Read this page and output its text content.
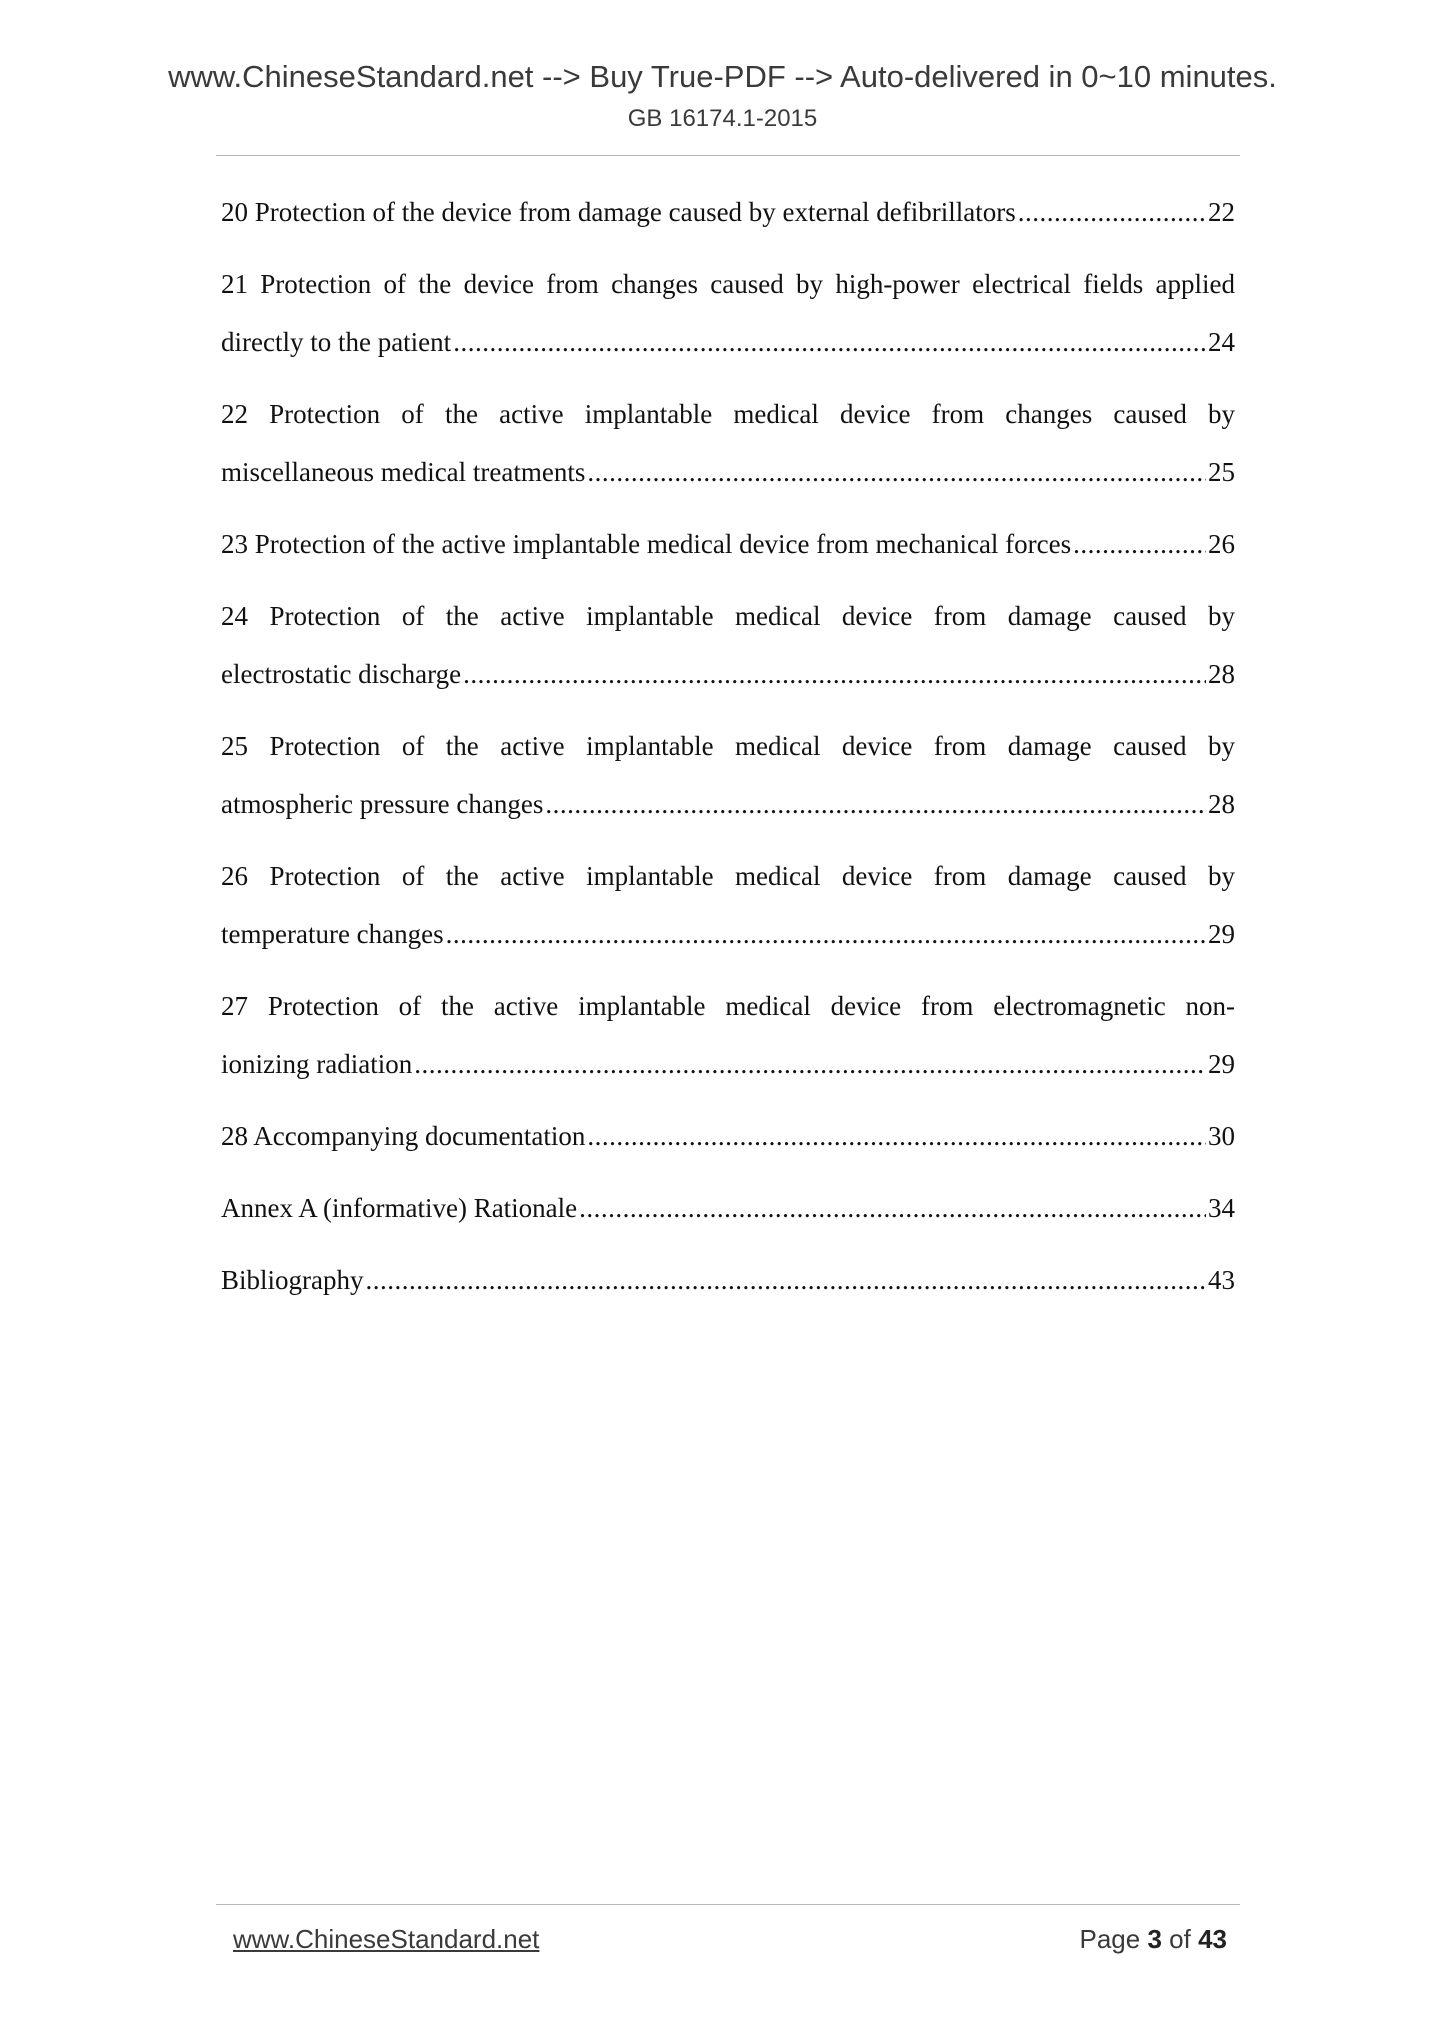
www.ChineseStandard.net --> Buy True-PDF --> Auto-delivered in 0~10 minutes.
GB 16174.1-2015
20 Protection of the device from damage caused by external defibrillators .....	22
21 Protection of the device from changes caused by high-power electrical fields applied
directly to the patient .....	24
22 Protection of the active implantable medical device from changes caused by
miscellaneous medical treatments .....	25
23 Protection of the active implantable medical device from mechanical forces .....	26
24 Protection of the active implantable medical device from damage caused by
electrostatic discharge .....	28
25 Protection of the active implantable medical device from damage caused by
atmospheric pressure changes .....	28
26 Protection of the active implantable medical device from damage caused by
temperature changes .....	29
27 Protection of the active implantable medical device from electromagnetic non-
ionizing radiation .....	29
28 Accompanying documentation .....	30
Annex A (informative) Rationale .....	34
Bibliography .....	43
www.ChineseStandard.net	Page 3 of 43
